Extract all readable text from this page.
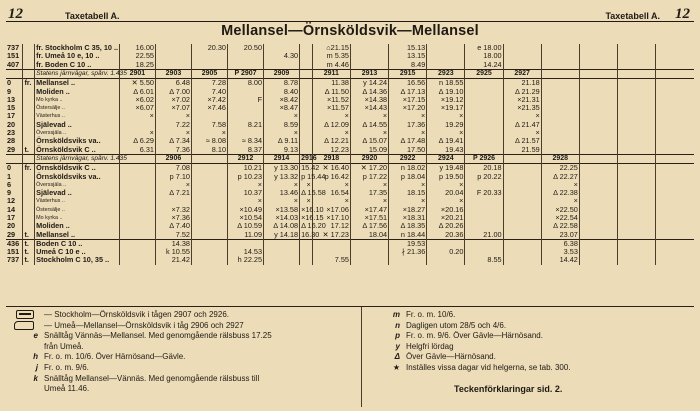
12	Taxetabell A.	12
Taxetabell A.
Mellansel—Örnsköldsvik—Mellansel
737		fr. Stockholm C 35, 10 ..	16.00		20.30	20.50			⌂21.15		15.13		e 18.00					
151		fr. Umeå 10 e, 10 ..	22.55				4.30		m 5.35		13.15		18.00					
407		fr. Boden C 10 ..	18.25						m 4.46		8.49		14.24					
		Statens järnvägar, spårv. 1.435	2901	2903	2905	P 2907	2909		2911	2913	2915	2923	2925	2927				
0	fr.	Mellansel ..	✕ 5.50	6.48	7.28	8.00	8.78		11.38	y 14.24	16.56	n 18.55		21.18				
9		Moliden ..	Δ 6.01	Δ 7.00	7.40		8.40		Δ 11.50	Δ 14.36	Δ 17.13	Δ 19.10		Δ 21.29				
13		Mo kyrka ..	×6.02	×7.02	×7.42	F	×8.42		×11.52	×14.38	×17.15	×19.12		×21.31				
15		Östersälje ..	×6.07	×7.07	×7.46		×8.47		×11.57	×14.43	×17.20	×19.17		×21.35				
17		Västerhus ..	×	×			×		×	×	×	×		×				
20		Själevad ..		7.22	7.58	8.21	8.59		Δ 12.09	Δ 14.55	17.36	19.29		Δ 21.47				
23		Överssjäla ..	×	×	×		×		×	×	×	×		×				
28		Örnsköldsviks va..	Δ 6.29	Δ 7.34	≈ 8.08	≈ 8.34	Δ 9.11		Δ 12.21	Δ 15.07	Δ 17.48	Δ 19.41		Δ 21.57				
29	t.	Örnsköldsvik C ..	6.31	7.36	8.10	8.37	9.13		12.23	15.09	17.50	19.43		21.59				
		Statens järnvägar, spårv. 1.435		2906		2912	2914	2916	2918	2920	2922	2924	P 2926		2928			
0	fr.	Örnsköldsvik C ..		7.08		10.21	y 13.30	15.42	✕ 16.40	✕ 17.20	n 18.02	y 19.48	20.18		22.25			
1		Örnsköldsviks va..		p 7.10		p 10.23	y 13.32	p 15.44	p 16.42	p 17.22	p 18.04	p 19.50	p 20.22		Δ 22.27			
6		Överssjäla ..		×		×	×	×	×	×	×	×			×			
9		Själevad ..		Δ 7.21		10.37	13.46	Δ 15.58	16.54	17.35	18.15	20.04	F 20.33		Δ 22.38			
12		Västerhus ..				×	×	×	×	×	×	×			×			
14		Östersälje ..		×7.32		×10.49	×13.58	×16.10	×17.06	×17.47	×18.27	×20.16			×22.50			
17		Mo kyrka ..		×7.36		×10.54	×14.03	×16.15	×17.10	×17.51	×18.31	×20.21			×22.54			
20		Moliden ..		Δ 7.40		Δ 10.59	Δ 14.08	Δ 16.20	17.12	Δ 17.56	Δ 18.35	Δ 20.26			Δ 22.58			
29	t.	Mellansel ..		7.52		11.09	y 14.18	16.30	✕ 17.23	18.04	n 18.44	20.36	21.00		23.07			
436	t.	Boden C 10 ..		14.38							19.53				6.38			
151	t.	Umeå C 10 e ..		k 10.55		14.53					∤ 21.36	0.20			3.53			
737	t.	Stockholm C 10, 35 ..		21.42		h 22.25			7.55				8.55		14.42			
— Stockholm—Örnsköldsvik i tågen 2907 och 2926.
— Umeå—Mellansel—Örnsköldsvik i tåg 2906 och 2927
e Snälltåg Vännäs—Mellansel. Med genomgående rälsbuss 17.25
från Umeå.
h Fr. o. m. 10/6. Över Härnösand—Gävle.
j Fr. o. m. 9/6.
k Snälltåg Mellansel—Vännäs. Med genomgående rälsbuss till
Umeå 11.46.
m Fr. o. m. 10/6.
n Dagligen utom 28/5 och 4/6.
p Fr. o. m. 9/6. Över Gävle—Härnösand.
y Helgfri lördag
Δ Över Gävle—Härnösand.
★ Inställes vissa dagar vid helgerna, se tab. 300.
Teckenförklaringar sid. 2.
